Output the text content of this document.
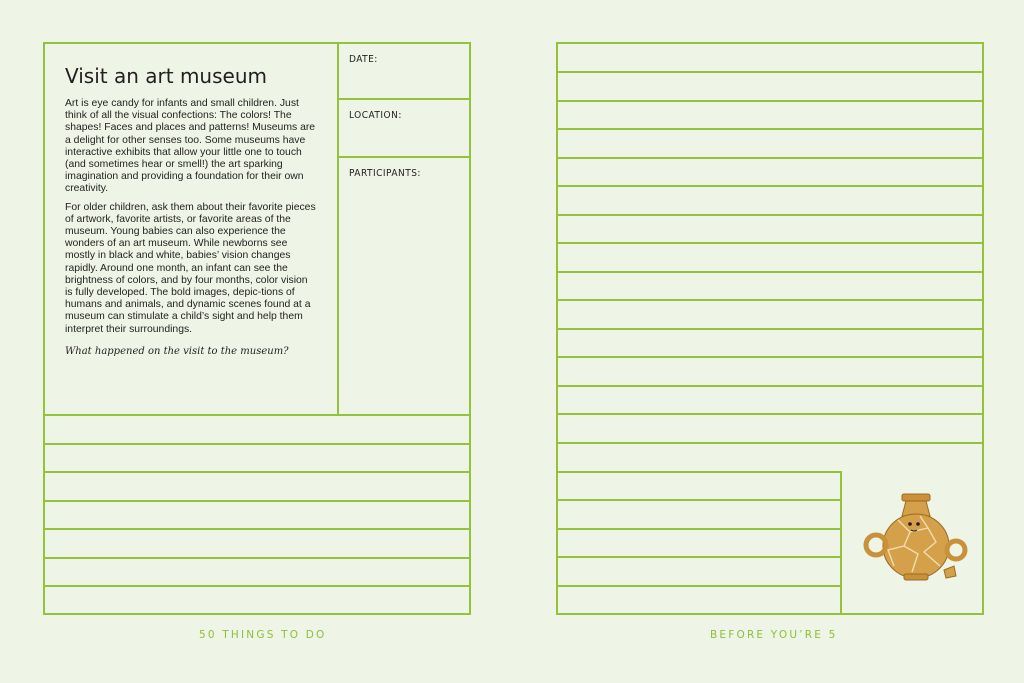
Visit an art museum

Art is eye candy for infants and small children. Just think of all the visual confections: The colors! The shapes! Faces and places and patterns! Museums are a delight for other senses too. Some museums have interactive exhibits that allow your little one to touch (and sometimes hear or smell!) the art sparking imagination and providing a foundation for their own creativity.

For older children, ask them about their favorite pieces of artwork, favorite artists, or favorite areas of the museum. Young babies can also experience the wonders of an art museum. While newborns see mostly in black and white, babies’ vision changes rapidly. Around one month, an infant can see the brightness of colors, and by four months, color vision is fully developed. The bold images, depic-tions of humans and animals, and dynamic scenes found at a museum can stimulate a child’s sight and help them interpret their surroundings.

What happened on the visit to the museum?

DATE:
LOCATION:
PARTICIPANTS:
50 THINGS TO DO	BEFORE YOU’RE 5
